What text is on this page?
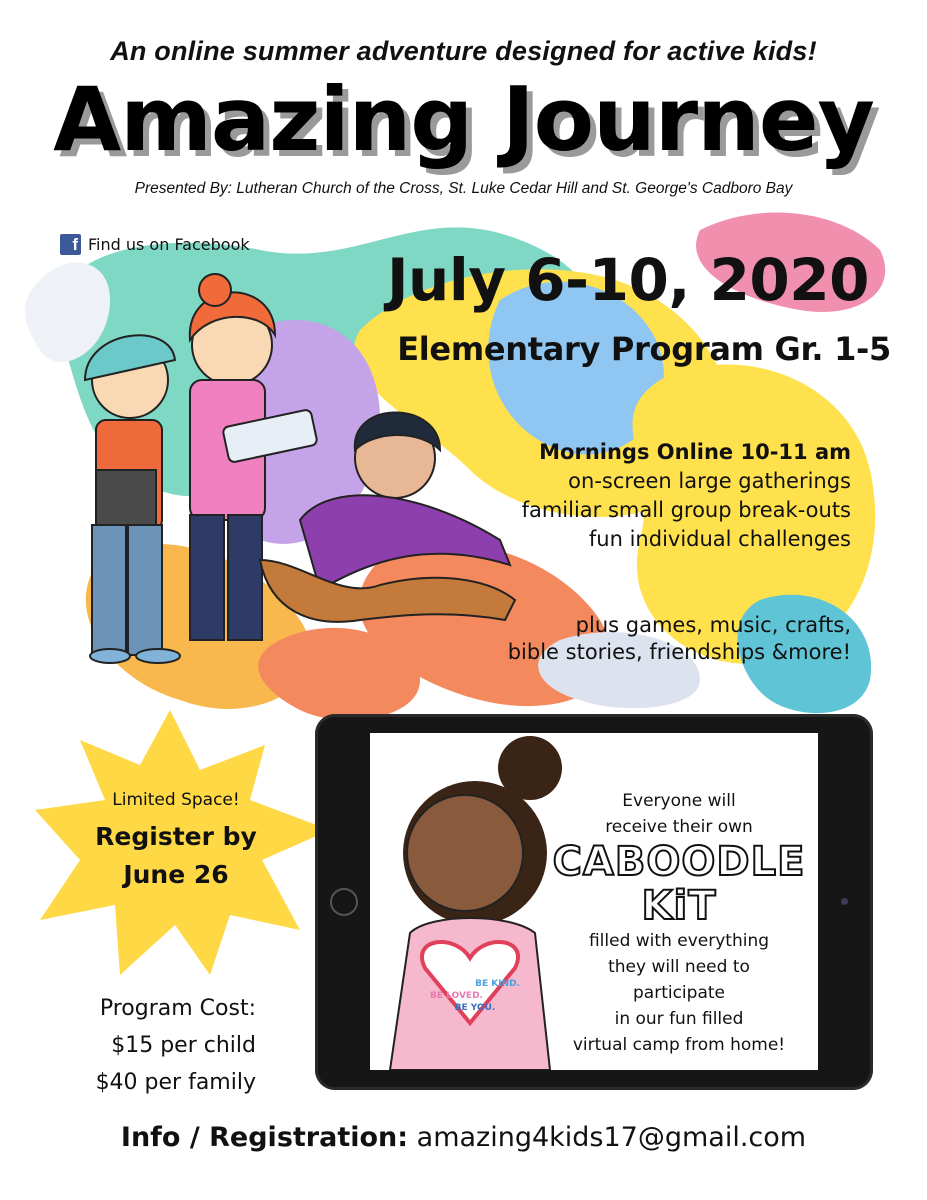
An online summer adventure designed for active kids!
Amazing Journey
Presented By: Lutheran Church of the Cross, St. Luke Cedar Hill and St. George's Cadboro Bay
f Find us on Facebook
July 6-10, 2020
Elementary Program Gr. 1-5
Mornings Online 10-11 am
on-screen large gatherings
familiar small group break-outs
fun individual challenges
plus games, music, crafts,
bible stories, friendships &more!
Limited Space!
Register by
June 26
Program Cost:
$15 per child
$40 per family
BE KIND.
BE LOVED.
BE YOU.
Everyone will
receive their own
CABOODLE
KiT
filled with everything
they will need to
participate
in our fun filled
virtual camp from home!
Info / Registration: amazing4kids17@gmail.com
